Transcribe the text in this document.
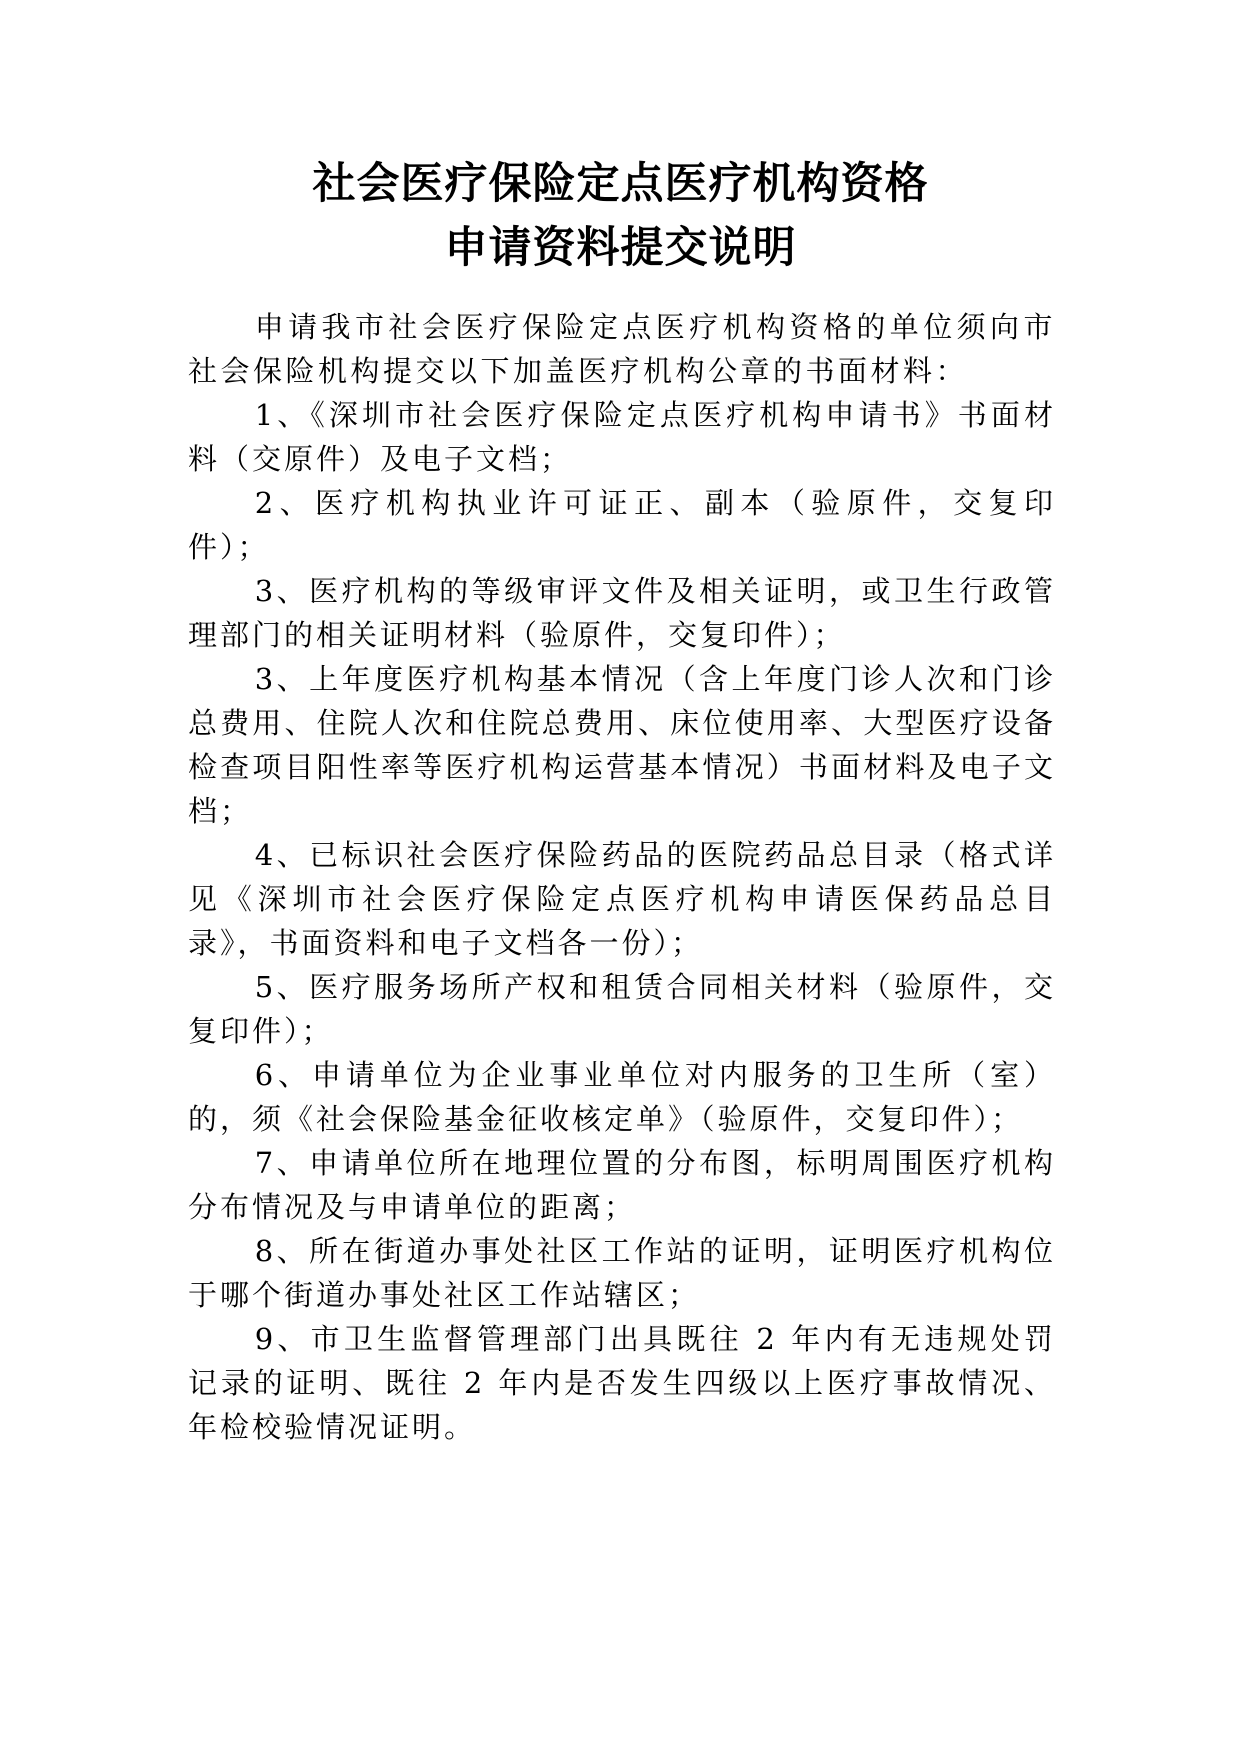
社会医疗保险定点医疗机构资格

申请资料提交说明

申请我市社会医疗保险定点医疗机构资格的单位须向市社会保险机构提交以下加盖医疗机构公章的书面材料：

1、《深圳市社会医疗保险定点医疗机构申请书》书面材料（交原件）及电子文档；

2、医疗机构执业许可证正、副本（验原件，交复印件）；

3、医疗机构的等级审评文件及相关证明，或卫生行政管理部门的相关证明材料（验原件，交复印件）；

3、上年度医疗机构基本情况（含上年度门诊人次和门诊总费用、住院人次和住院总费用、床位使用率、大型医疗设备检查项目阳性率等医疗机构运营基本情况）书面材料及电子文档；

4、已标识社会医疗保险药品的医院药品总目录（格式详见《深圳市社会医疗保险定点医疗机构申请医保药品总目录》，书面资料和电子文档各一份）；

5、医疗服务场所产权和租赁合同相关材料（验原件，交复印件）；

6、申请单位为企业事业单位对内服务的卫生所（室）的，须《社会保险基金征收核定单》（验原件，交复印件）；

7、申请单位所在地理位置的分布图，标明周围医疗机构分布情况及与申请单位的距离；

8、所在街道办事处社区工作站的证明，证明医疗机构位于哪个街道办事处社区工作站辖区；

9、市卫生监督管理部门出具既往 2 年内有无违规处罚记录的证明、既往 2 年内是否发生四级以上医疗事故情况、年检校验情况证明。
